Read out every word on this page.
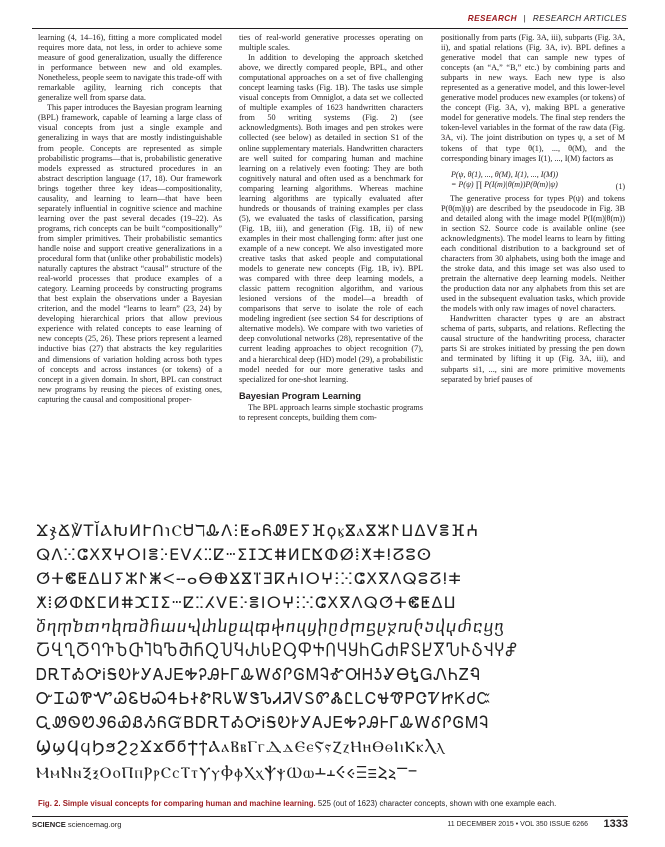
RESEARCH | RESEARCH ARTICLES

learning (4, 14–16), fitting a more complicated model requires more data, not less, in order to achieve some measure of good generalization, usually the difference in performance between new and old examples. Nonetheless, people seem to navigate this trade-off with remarkable agility, learning rich concepts that generalize well from sparse data.

This paper introduces the Bayesian program learning (BPL) framework, capable of learning a large class of visual concepts from just a single example and generalizing in ways that are mostly indistinguishable from people. Concepts are represented as simple probabilistic programs—that is, probabilistic generative models expressed as structured procedures in an abstract description language (17, 18). Our framework brings together three key ideas—compositionality, causality, and learning to learn—that have been separately influential in cognitive science and machine learning over the past several decades (19–22). As programs, rich concepts can be built “compositionally” from simpler primitives. Their probabilistic semantics handle noise and support creative generalizations in a procedural form that (unlike other probabilistic models) naturally captures the abstract “causal” structure of the real-world processes that produce examples of a category. Learning proceeds by constructing programs that best explain the observations under a Bayesian criterion, and the model “learns to learn” (23, 24) by developing hierarchical priors that allow previous experience with related concepts to ease learning of new concepts (25, 26). These priors represent a learned inductive bias (27) that abstracts the key regularities and dimensions of variation holding across both types of concepts and across instances (or tokens) of a concept in a given domain. In short, BPL can construct new programs by reusing the pieces of existing ones, capturing the causal and compositional proper-

ties of real-world generative processes operating on multiple scales.

In addition to developing the approach sketched above, we directly compared people, BPL, and other computational approaches on a set of five challenging concept learning tasks (Fig. 1B). The tasks use simple visual concepts from Omniglot, a data set we collected of multiple examples of 1623 handwritten characters from 50 writing systems (Fig. 2) (see acknowledgments). Both images and pen strokes were collected (see below) as detailed in section S1 of the online supplementary materials. Handwritten characters are well suited for comparing human and machine learning on a relatively even footing: They are both cognitively natural and often used as a benchmark for comparing learning algorithms. Whereas machine learning algorithms are typically evaluated after hundreds or thousands of training examples per class (5), we evaluated the tasks of classification, parsing (Fig. 1B, iii), and generation (Fig. 1B, ii) of new examples in their most challenging form: after just one example of a new concept. We also investigated more creative tasks that asked people and computational models to generate new concepts (Fig. 1B, iv). BPL was compared with three deep learning models, a classic pattern recognition algorithm, and various lesioned versions of the model—a breadth of comparisons that serve to isolate the role of each modeling ingredient (see section S4 for descriptions of alternative models). We compare with two varieties of deep convolutional networks (28), representative of the current leading approaches to object recognition (7), and a hierarchical deep (HD) model (29), a probabilistic model needed for our more generative tasks and specialized for one-shot learning.

Bayesian Program Learning

The BPL approach learns simple stochastic programs to represent concepts, building them com-

positionally from parts (Fig. 3A, iii), subparts (Fig. 3A, ii), and spatial relations (Fig. 3A, iv). BPL defines a generative model that can sample new types of concepts (an “A,” “B,” etc.) by combining parts and subparts in new ways. Each new type is also represented as a generative model, and this lower-level generative model produces new examples (or tokens) of the concept (Fig. 3A, v), making BPL a generative model for generative models. The final step renders the token-level variables in the format of the raw data (Fig. 3A, vi). The joint distribution on types ψ, a set of M tokens of that type θ(1), ..., θ(M), and the corresponding binary images I(1), ..., I(M) factors as

P(ψ, θ(1), ..., θ(M), I(1), ..., I(M))
= P(ψ) ∏ P(I(m)|θ(m))P(θ(m)|ψ)	(1)

The generative process for types P(ψ) and tokens P(θ(m)|ψ) are described by the pseudocode in Fig. 3B and detailed along with the image model P(I(m)|θ(m)) in section S2. Source code is available online (see acknowledgments). The model learns to learn by fitting each conditional distribution to a background set of characters from 30 alphabets, using both the image and the stroke data, and this image set was also used to pretrain the alternative deep learning models. Neither the production data nor any alphabets from this set are used in the subsequent evaluation tasks, which provide the models with only raw images of novel characters.

Handwritten character types ψ are an abstract schema of parts, subparts, and relations. Reflecting the causal structure of the handwriting process, character parts Si are strokes initiated by pressing the pen down and terminated by lifting it up (Fig. 3A, iii), and subparts si1, ..., sini are more primitive movements separated by brief pauses of

ϪჯՃ℣ΤῘⲀԽИՒՈ℩ⲤᏌℸᎲⴷⵗⵟⴰᏲᏪⴹⵢⴼϙⳤⴵⲁⴵⵣⵤⵡⵠⴸⴻⴼⵄ
ⵕⴷⵘⵛⵝⴳⵖⵔⵏⴻⴾⴹⴸⵃⵆⵇⵈⵉⵊⵋⵌⵍⵎⴿⵀⵁⵂⵅⵐⵑⵒⵓⵙ
ⵚⵜⵞⵟⵠⵡⵢⵣⵤⵥⵦⵧⴰⴱⴲⴴⴵⴶⴺⴽⵄⵏⵔⵖⵗⵘⵛⵝⴳⴷⵕⵓⵒⵑⵐ
ⵅⵂⵁⵀⴿⵎⵍⵌⵋⵊⵉⵈⵇⵆⵃⴸⴹⴾⴻⵏⵔⵖⵗⵘⵛⵝⴳⴷⵕⵚⵜⵞⵟⵠⵡ
ⴃⴄⴅⴆⴇⴈⴉⴊⴋⴌⴍⴎⴏⴐⴑⴒⴓⴔⴕⴖⴗⴘⴙⴚⴛⴜⴝⴞⴟⴠⴡⴢⴣⴤⴥⴀⴁⴂ
ႠႡႢႣႤႥႦႧႨႩႪႫႬႭႮႯႰႱႲႳႴႵႶႷႸႹႺႻႼႽႾႿჀჁჂჃჄჅ
ᎠᎡᎢᎣᎤᎥᎦᎧᎨᎩᎪᎫᎬᎭᎮᎯᎰᎱᎲᎳᎴᎵᎶᎷᎸᎹᎺᎻᎼᎽᎾᎿᏀᏁᏂᏃᏄ
ᏅᏆᏇᏈᏉᏊᏋᏌᏍᏎᏏᏐᏑᏒᏓᏔᏕᏖᏗᏘᏙᏚᏛᏜᏝᏞᏟᏠᏡᏢᏣᏤᏥᏦᏧᏨ
ᏩᏪᏫᏬᏭᏮᏯᏰᏱᏲᏳᏴᎠᎡᎢᎣᎤᎥᎦᎧᎨᎩᎪᎫᎬᎭᎮᎯᎰᎱᎲᎳᎴᎵᎶᎷᎸ
ϢϣϤϥϦϧϨϩϪϫϬϭϮϯⲀⲁⲂⲃⲄⲅⲆⲇⲈⲉⲊⲋⲌⲍⲎⲏⲐⲑⲒⲓⲔⲕⲖⲗ
ⲘⲙⲚⲛⲜⲝⲞⲟⲠⲡⲢⲣⲤⲥⲦⲧⲨⲩⲪⲫⲬⲭⲮⲯⲰⲱⲲⲳⲴⲵⲶⲷⲸⲹⲺⲻ
Fig. 2. Simple visual concepts for comparing human and machine learning. 525 (out of 1623) character concepts, shown with one example each.
SCIENCE sciencemag.org	11 DECEMBER 2015 • VOL 350 ISSUE 6266 1333
